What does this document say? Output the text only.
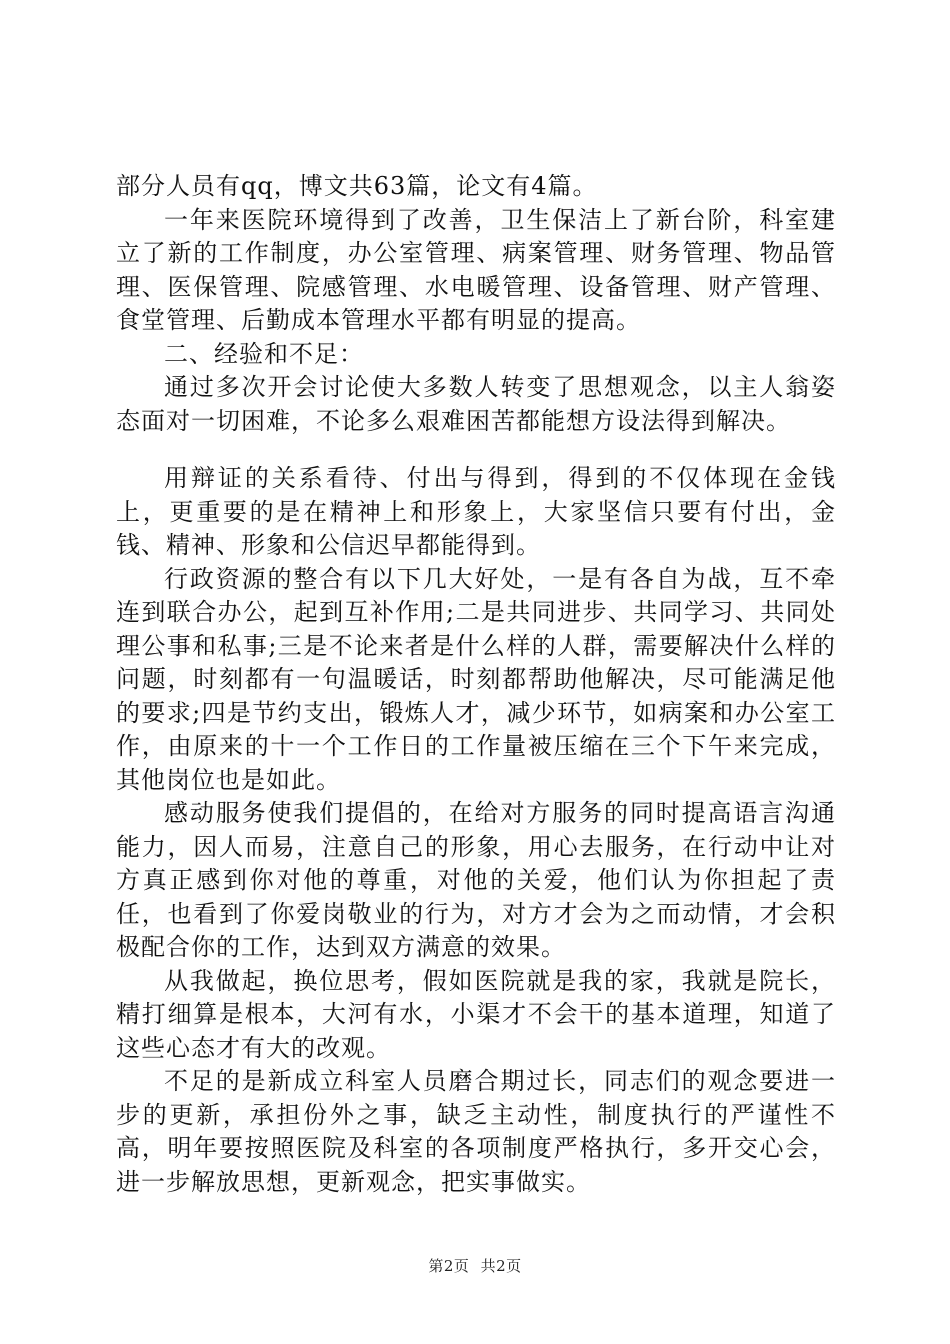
部分人员有qq，博文共63篇，论文有4篇。

一年来医院环境得到了改善，卫生保洁上了新台阶，科室建立了新的工作制度，办公室管理、病案管理、财务管理、物品管理、医保管理、院感管理、水电暖管理、设备管理、财产管理、食堂管理、后勤成本管理水平都有明显的提高。

二、经验和不足：

通过多次开会讨论使大多数人转变了思想观念，以主人翁姿态面对一切困难，不论多么艰难困苦都能想方设法得到解决。

用辩证的关系看待、付出与得到，得到的不仅体现在金钱上，更重要的是在精神上和形象上，大家坚信只要有付出，金钱、精神、形象和公信迟早都能得到。

行政资源的整合有以下几大好处，一是有各自为战，互不牵连到联合办公，起到互补作用;二是共同进步、共同学习、共同处理公事和私事;三是不论来者是什么样的人群，需要解决什么样的问题，时刻都有一句温暖话，时刻都帮助他解决，尽可能满足他的要求;四是节约支出，锻炼人才，减少环节，如病案和办公室工作，由原来的十一个工作日的工作量被压缩在三个下午来完成，其他岗位也是如此。

感动服务使我们提倡的，在给对方服务的同时提高语言沟通能力，因人而易，注意自己的形象，用心去服务，在行动中让对方真正感到你对他的尊重，对他的关爱，他们认为你担起了责任，也看到了你爱岗敬业的行为，对方才会为之而动情，才会积极配合你的工作，达到双方满意的效果。

从我做起，换位思考，假如医院就是我的家，我就是院长，精打细算是根本，大河有水，小渠才不会干的基本道理，知道了这些心态才有大的改观。

不足的是新成立科室人员磨合期过长，同志们的观念要进一步的更新，承担份外之事，缺乏主动性，制度执行的严谨性不高，明年要按照医院及科室的各项制度严格执行，多开交心会，进一步解放思想，更新观念，把实事做实。

第2页 共2页
